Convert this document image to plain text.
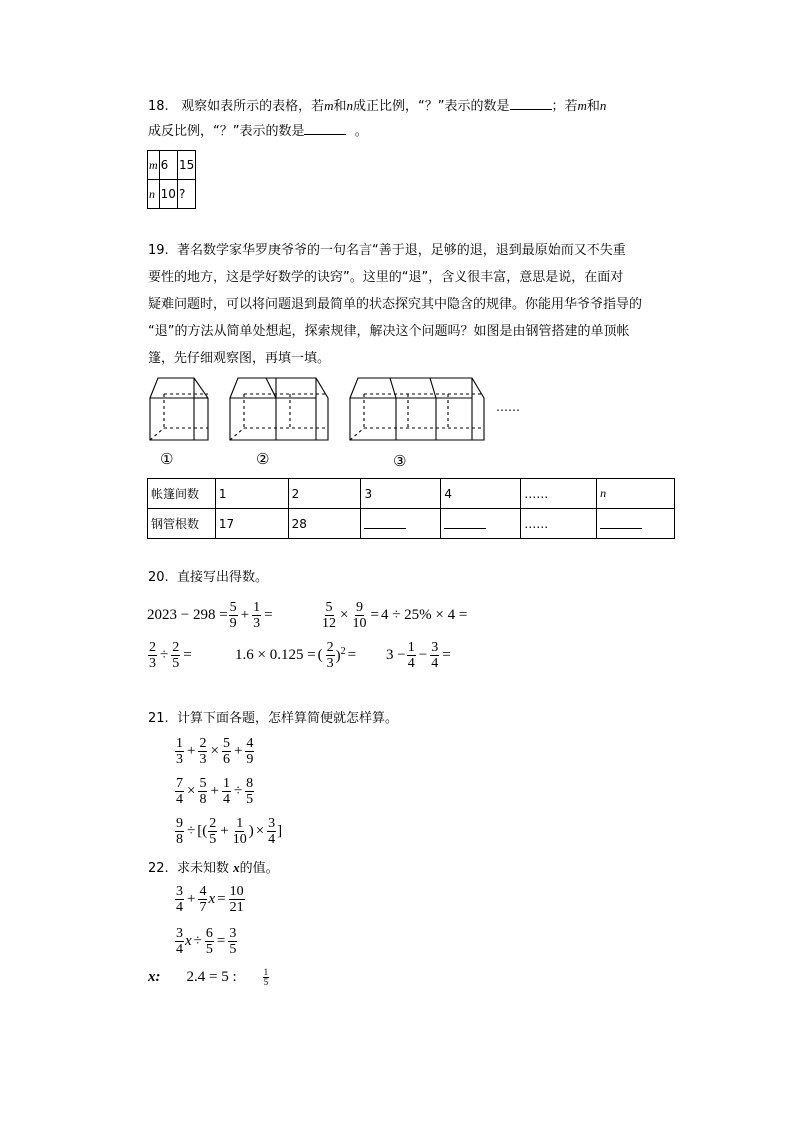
18. 观察如表所示的表格，若m和n成正比例，“？”表示的数是	；若m和n
成反比例，“？”表示的数是	。
m	6	15
n	10	?
19. 著名数学家华罗庚爷爷的一句名言“善于退，足够的退，退到最原始而又不失重
要性的地方，这是学好数学的诀窍”。这里的“退”，含义很丰富，意思是说，在面对
疑难问题时，可以将问题退到最简单的状态探究其中隐含的规律。你能用华爷爷指导的
“退”的方法从简单处想起，探索规律，解决这个问题吗？如图是由钢管搭建的单顶帐
篷，先仔细观察图，再填一填。
……
①	②	③
帐篷间数	1	2	3	4	……	n
钢管根数	17	28			……	
20. 直接写出得数。
$2023 - 298 = \frac{5}{9} + \frac{1}{3}$ =	$\frac{5}{12} \times \frac{9}{10} = 4 \div 25\% \times 4$ =
$\frac{2}{3} \div \frac{2}{5}$ =	1.6 × 0.125 = ( $\frac{2}{3} )^2 = 3 - \frac{1}{4} - \frac{3}{4}$ =
21. 计算下面各题，怎样算简便就怎样算。
$\frac{1}{3} + \frac{2}{3} \times \frac{5}{6} + \frac{4}{9}$
$\frac{7}{4} \times \frac{5}{8} + \frac{1}{4} \div \frac{8}{5}$
$\frac{9}{8}$ ÷ [( $\frac{2}{5} + \frac{1}{10}$ ) × $\frac{3}{4}$ ]
22. 求未知数 x的值。
$\frac{3}{4} + \frac{4}{7}$ $x = \frac{10}{21}$
$\frac{3}{4}$ $x \div \frac{6}{5} = \frac{3}{5}$
x: 2.4 = 5 :	$\frac{1}{5}$
